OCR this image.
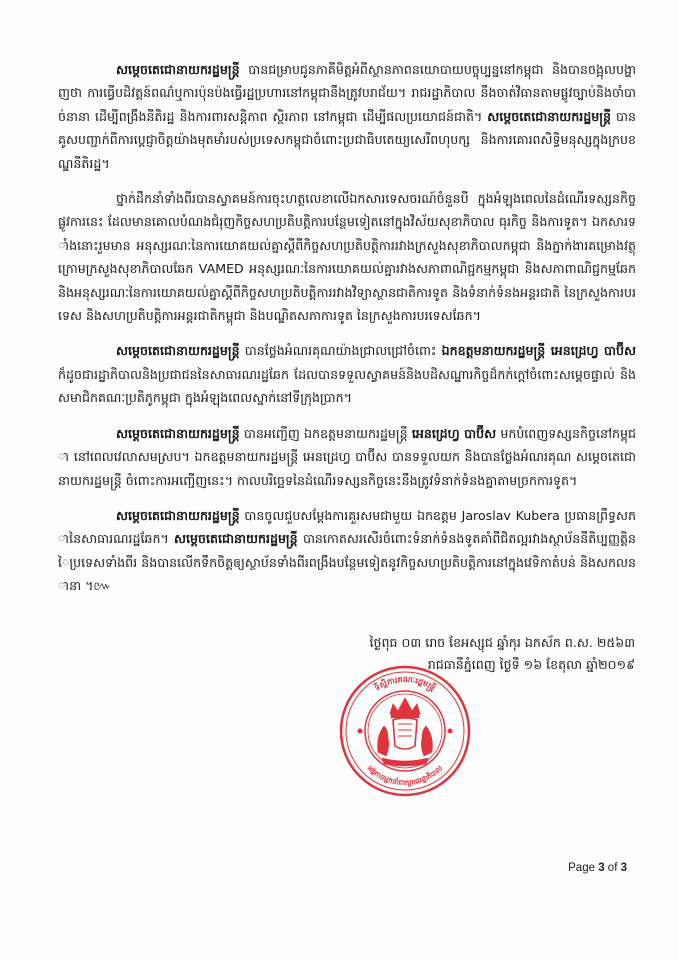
សម្ដេចតេជោនាយករដ្ឋមន្ត្រី បានជម្រាបជូនភាគីមិត្តអំពីស្ថានភាពនយោបាយបច្ចុប្បន្ននៅកម្ពុជា និងបានចង្អុលបង្ហាញថា ការធ្វើបដិវត្តន៍ពណ៌ឬការប៉ុនប៉ងធ្វើរដ្ឋប្រហារនៅកម្ពុជានឹងត្រូវបរាជ័យ។ រាជរដ្ឋាភិបាល នឹងចាត់វិធានតាមផ្លូវច្បាប់និងចាំបាច់នានា ដើម្បីពង្រឹងនីតិរដ្ឋ និងការពារសន្តិភាព ស្ថិរភាព នៅកម្ពុជា ដើម្បីផលប្រយោជន៍ជាតិ។ សម្ដេចតេជោនាយករដ្ឋមន្ត្រី បានគូសបញ្ជាក់ពីការប្ដេជ្ញាចិត្តយ៉ាងមុតមាំរបស់ប្រទេសកម្ពុជាចំពោះប្រជាធិបតេយ្យសេរីពហុបក្ស និងការគោរពសិទ្ធិមនុស្សក្នុងក្របខណ្ឌនីតិរដ្ឋ។

ថ្នាក់ដឹកនាំទាំងពីរបានស្វាគមន៍ការចុះហត្ថលេខាលើឯកសារទេសចរណ៍ចំនួនបី ក្នុងអំឡុងពេលនៃដំណើរទស្សនកិច្ចផ្លូវការនេះ ដែលមានគោលបំណងជំរុញកិច្ចសហប្រតិបត្តិការបន្ថែមទៀតនៅក្នុងវិស័យសុខាភិបាល ធុរកិច្ច និងការទូត។ ឯកសារទាំងនោះរួមមាន អនុស្សរណៈនៃការយោគយល់គ្នាស្ដីពីកិច្ចសហប្រតិបត្តិការរវាងក្រសួងសុខាភិបាលកម្ពុជា និងភ្នាក់ងារគម្រោងវត្ថុក្រោមក្រសួងសុខាភិបាលឆែក VAMED អនុស្សរណៈនៃការយោគយល់គ្នារវាងសភាពាណិជ្ជកម្មកម្ពុជា និងសភាពាណិជ្ជកម្មឆែក និងអនុស្សរណៈនៃការយោគយល់គ្នាស្ដីពីកិច្ចសហប្រតិបត្តិការរវាងវិទ្យាស្ថានជាតិការទូត និងទំនាក់ទំនងអន្តរជាតិ នៃក្រសួងការបរទេស និងសហប្រតិបត្តិការអន្តរជាតិកម្ពុជា និងបណ្ឌិតសភាការទូត នៃក្រសួងការបរទេសឆែក។

សម្ដេចតេជោនាយករដ្ឋមន្ត្រី បានថ្លែងអំណរគុណយ៉ាងជ្រាលជ្រៅចំពោះ ឯកឧត្តមនាយករដ្ឋមន្ត្រី អេនដ្រេហ្វ បាប៊ីស ក៏ដូចជារដ្ឋាភិបាលនិងប្រជាជននៃសាធារណរដ្ឋឆែក ដែលបានទទួលស្វាគមន៍និងបដិសណ្ឋារកិច្ចដ៏កក់ក្ដៅចំពោះសម្ដេចផ្ទាល់ និងសមាជិកគណៈប្រតិភូកម្ពុជា ក្នុងអំឡុងពេលស្នាក់នៅទីក្រុងប្រាក។

សម្ដេចតេជោនាយករដ្ឋមន្ត្រី បានអញ្ជើញ ឯកឧត្តមនាយករដ្ឋមន្ត្រី អេនដ្រេហ្វ បាប៊ីស មកបំពេញទស្សនកិច្ចនៅកម្ពុជា នៅពេលវេលាសមស្រប។ ឯកឧត្តមនាយករដ្ឋមន្ត្រី អេនដ្រេហ្វ បាប៊ីស បានទទួលយក និងបានថ្លែងអំណរគុណ សម្ដេចតេជោនាយករដ្ឋមន្ត្រី ចំពោះការអញ្ជើញនេះ។ កាលបរិច្ឆេទនៃដំណើរទស្សនកិច្ចនេះនឹងត្រូវទំនាក់ទំនងគ្នាតាមច្រកការទូត។

សម្ដេចតេជោនាយករដ្ឋមន្ត្រី បានចូលជួបសម្ដែងការគួរសមជាមួយ ឯកឧត្តម Jaroslav Kubera ប្រធានព្រឹទ្ធសភានៃសាធារណរដ្ឋឆែក។ សម្ដេចតេជោនាយករដ្ឋមន្ត្រី បានកោតសរសើរចំពោះទំនាក់ទំនងទូតគាំពីជិតល្អរវាងស្ថាប័ននីតិប្បញ្ញត្តិនៃប្រទេសទាំងពីរ និងបានលើកទឹកចិត្តឲ្យស្ថាប័នទាំងពីរពង្រឹងបន្ថែមទៀតនូវកិច្ចសហប្រតិបត្តិការនៅក្នុងវេទិកាតំបន់ និងសកលនានា ។៚

ថ្ងៃពុធ ០៣ រោច ខែអស្សុជ ឆ្នាំកុរ ឯកស័ក ព.ស. ២៥៦៣
រាជធានីភ្នំពេញ ថ្ងៃទី ១៦ ខែតុលា ឆ្នាំ២០១៩
ទីស្ដីការគណៈរដ្ឋមន្ត្រី
អង្គភាពអ្នកនាំពាក្យរាជរដ្ឋាភិបាល
Page 3 of 3
